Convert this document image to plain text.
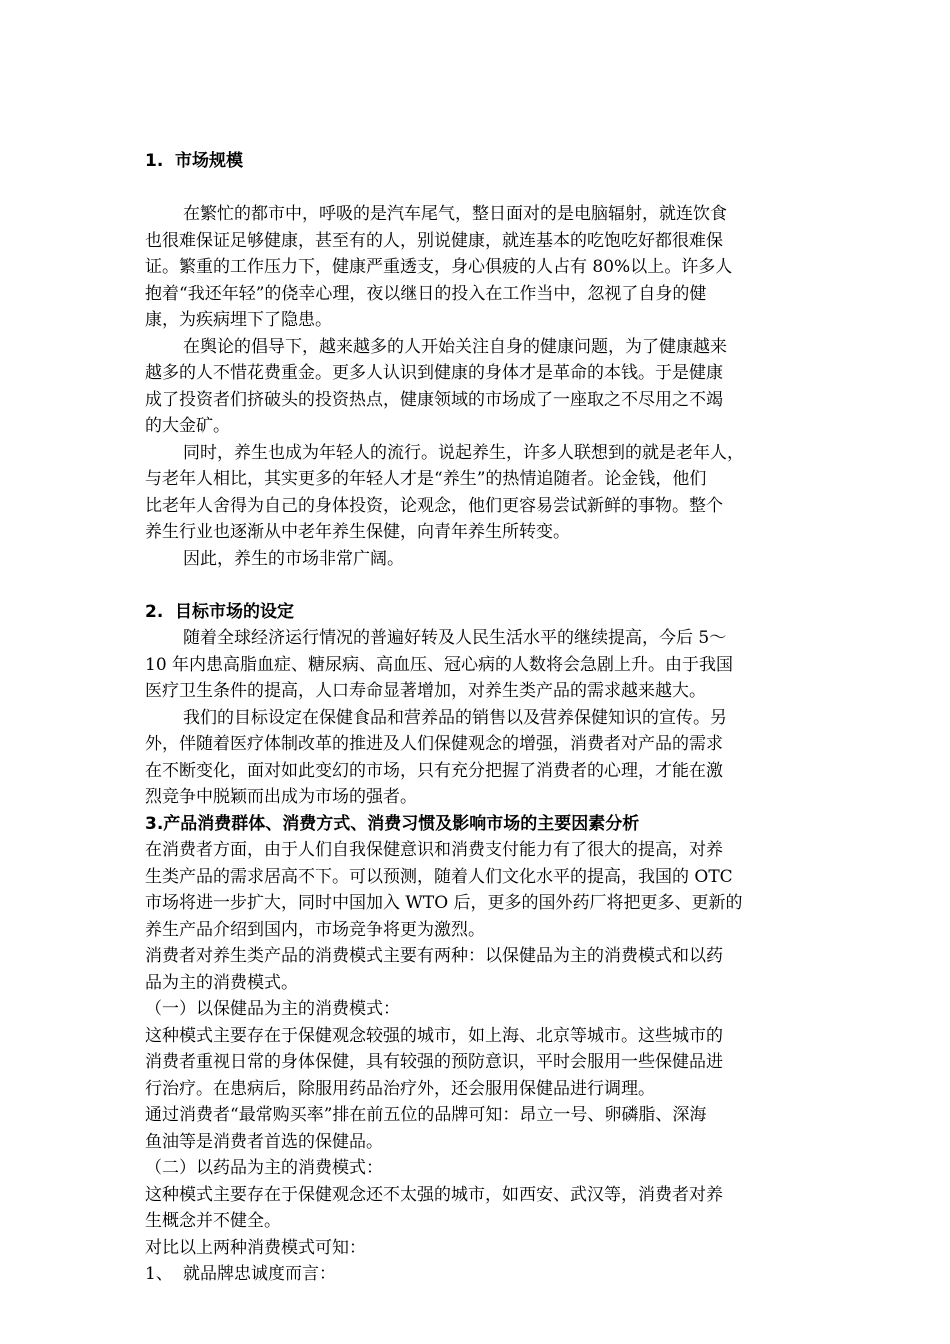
1. 市场规模
在繁忙的都市中，呼吸的是汽车尾气，整日面对的是电脑辐射，就连饮食
也很难保证足够健康，甚至有的人，别说健康，就连基本的吃饱吃好都很难保
证。繁重的工作压力下，健康严重透支，身心俱疲的人占有 80%以上。许多人
抱着“我还年轻”的侥幸心理，夜以继日的投入在工作当中，忽视了自身的健
康，为疾病埋下了隐患。
在舆论的倡导下，越来越多的人开始关注自身的健康问题，为了健康越来
越多的人不惜花费重金。更多人认识到健康的身体才是革命的本钱。于是健康
成了投资者们挤破头的投资热点，健康领域的市场成了一座取之不尽用之不竭
的大金矿。
同时，养生也成为年轻人的流行。说起养生，许多人联想到的就是老年人，
与老年人相比，其实更多的年轻人才是“养生”的热情追随者。论金钱，他们
比老年人舍得为自己的身体投资，论观念，他们更容易尝试新鲜的事物。整个
养生行业也逐渐从中老年养生保健，向青年养生所转变。
因此，养生的市场非常广阔。
2. 目标市场的设定
随着全球经济运行情况的普遍好转及人民生活水平的继续提高，今后 5～
10 年内患高脂血症、糖尿病、高血压、冠心病的人数将会急剧上升。由于我国
医疗卫生条件的提高，人口寿命显著增加，对养生类产品的需求越来越大。
我们的目标设定在保健食品和营养品的销售以及营养保健知识的宣传。另
外，伴随着医疗体制改革的推进及人们保健观念的增强，消费者对产品的需求
在不断变化，面对如此变幻的市场，只有充分把握了消费者的心理，才能在激
烈竞争中脱颖而出成为市场的强者。
3.产品消费群体、消费方式、消费习惯及影响市场的主要因素分析
在消费者方面，由于人们自我保健意识和消费支付能力有了很大的提高，对养
生类产品的需求居高不下。可以预测，随着人们文化水平的提高，我国的 OTC
市场将进一步扩大，同时中国加入 WTO 后，更多的国外药厂将把更多、更新的
养生产品介绍到国内，市场竞争将更为激烈。
消费者对养生类产品的消费模式主要有两种：以保健品为主的消费模式和以药
品为主的消费模式。
（一）以保健品为主的消费模式：
这种模式主要存在于保健观念较强的城市，如上海、北京等城市。这些城市的
消费者重视日常的身体保健，具有较强的预防意识，平时会服用一些保健品进
行治疗。在患病后，除服用药品治疗外，还会服用保健品进行调理。
通过消费者“最常购买率”排在前五位的品牌可知：昂立一号、卵磷脂、深海
鱼油等是消费者首选的保健品。
（二）以药品为主的消费模式：
这种模式主要存在于保健观念还不太强的城市，如西安、武汉等，消费者对养
生概念并不健全。
对比以上两种消费模式可知：
1、 就品牌忠诚度而言：
